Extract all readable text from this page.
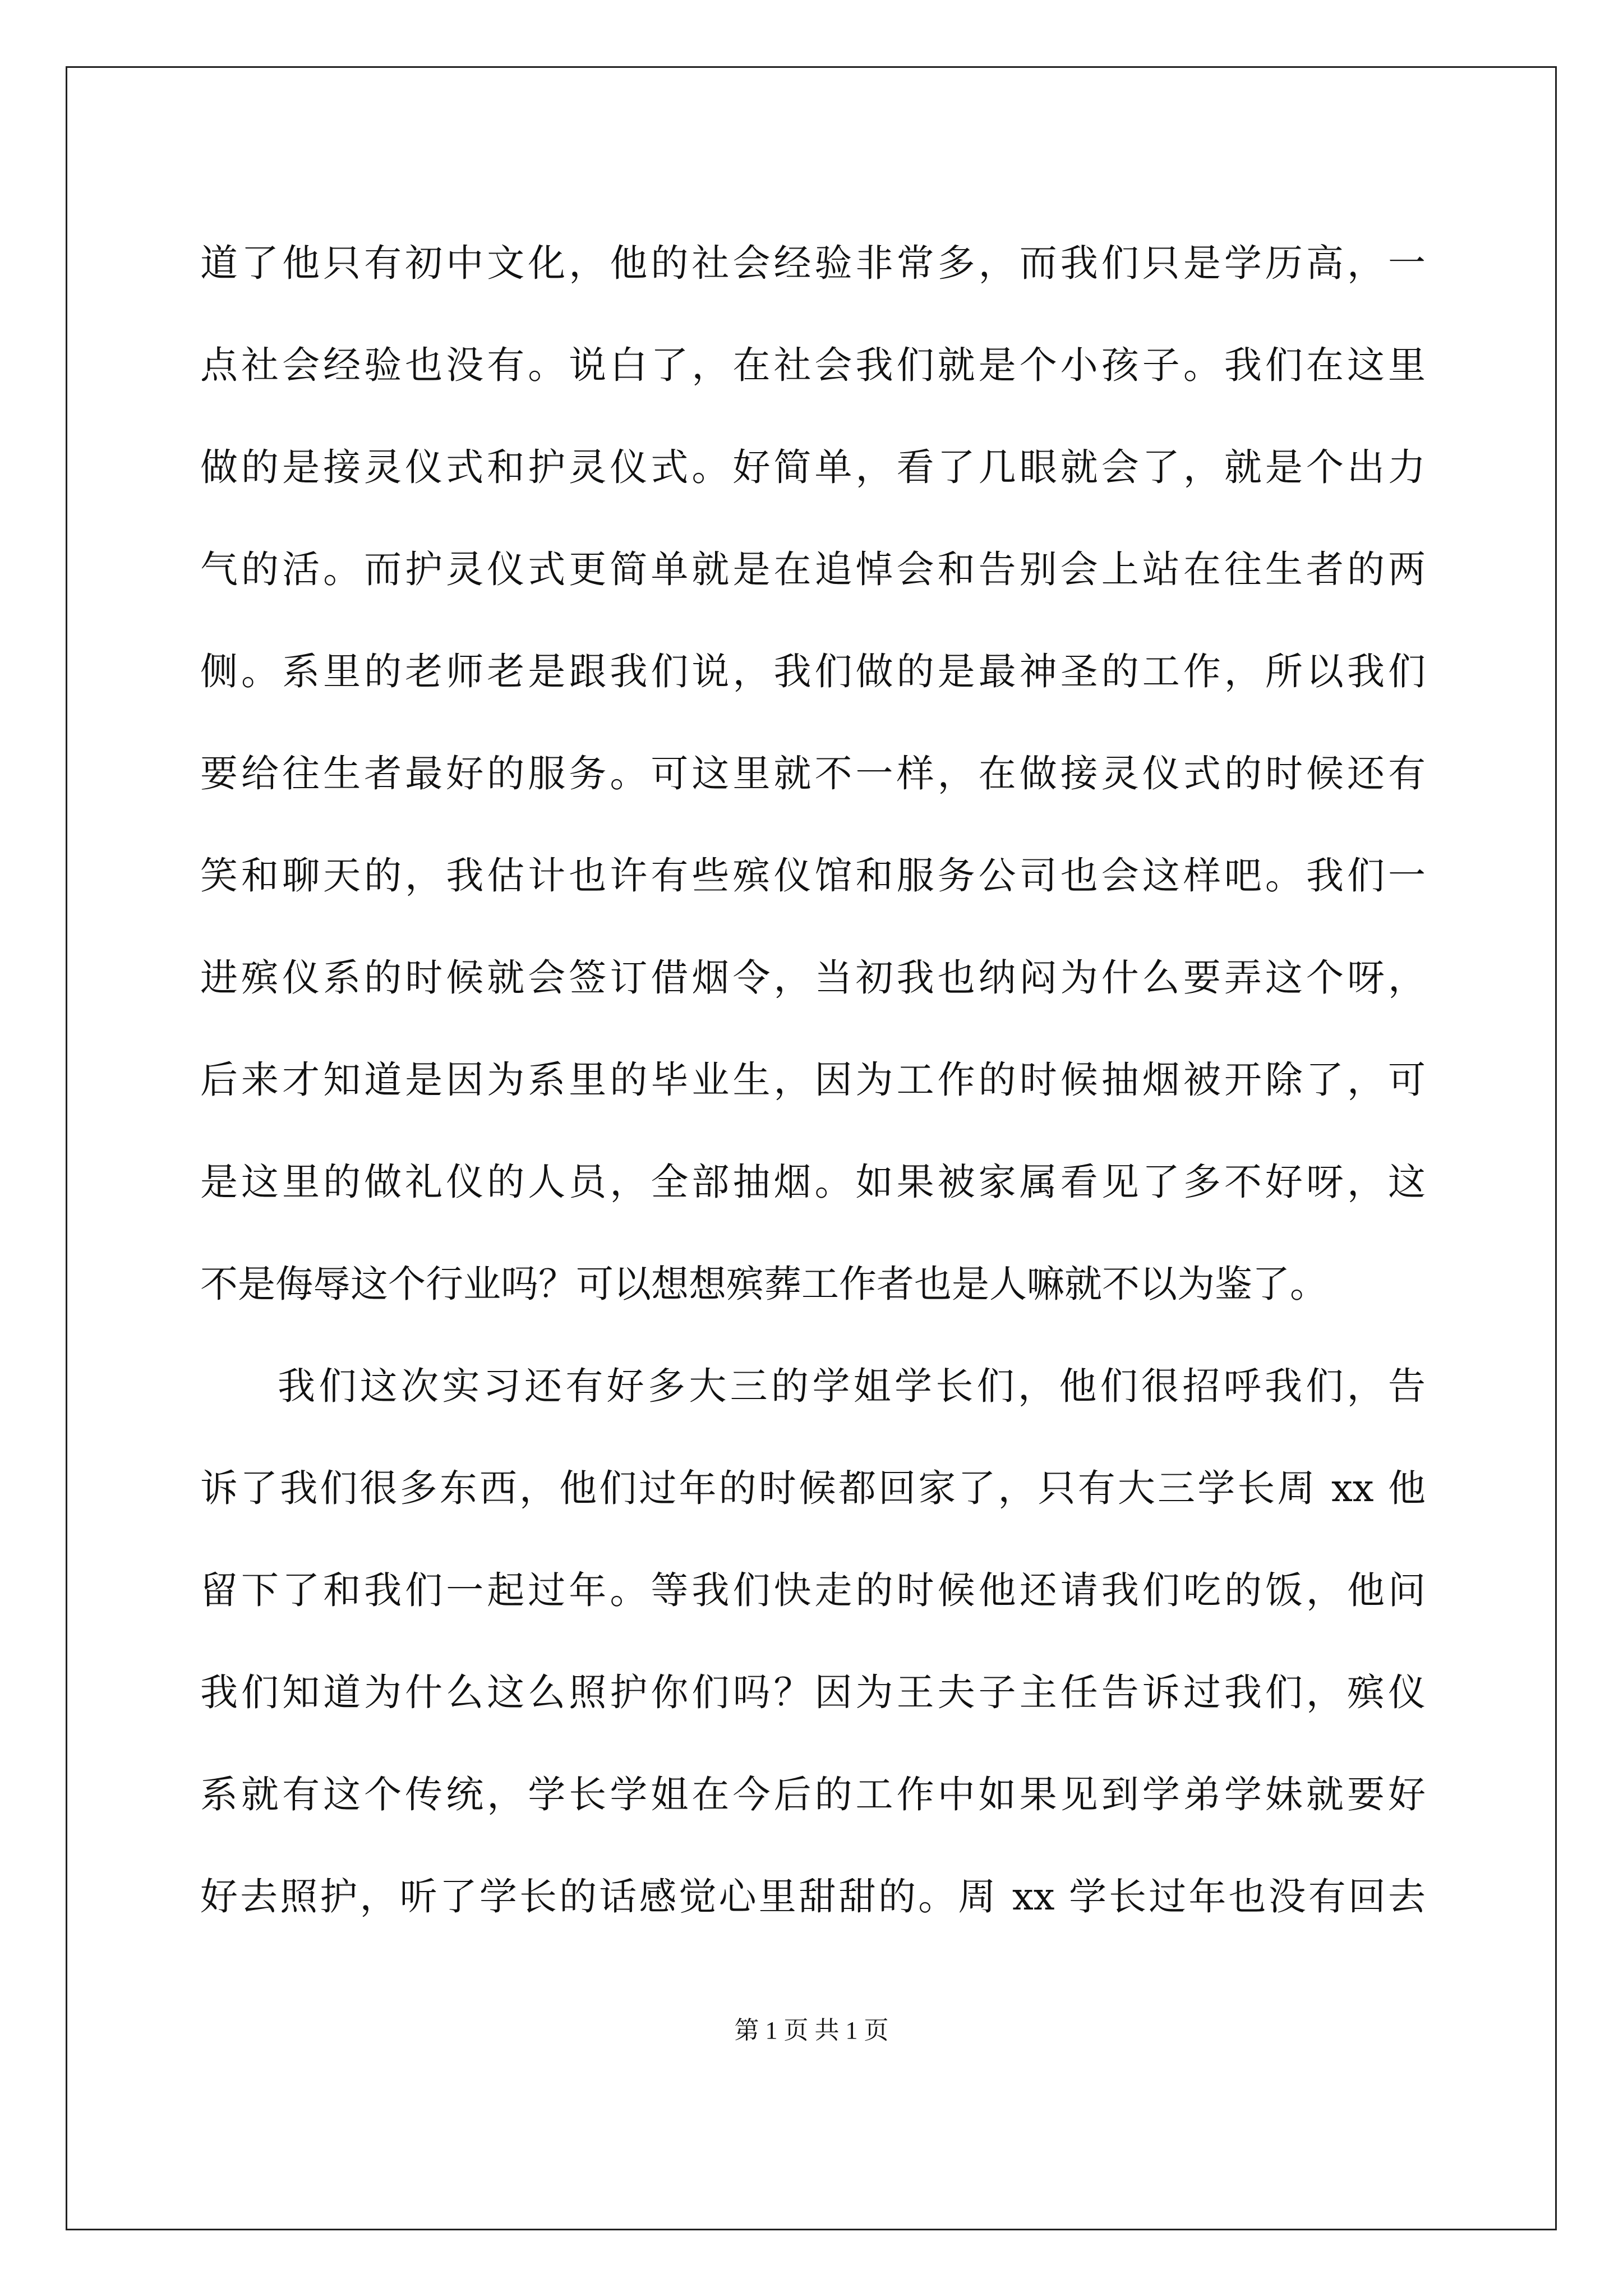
道了他只有初中文化，他的社会经验非常多，而我们只是学历高，一
点社会经验也没有。说白了，在社会我们就是个小孩子。我们在这里
做的是接灵仪式和护灵仪式。好简单，看了几眼就会了，就是个出力
气的活。而护灵仪式更简单就是在追悼会和告别会上站在往生者的两
侧。系里的老师老是跟我们说，我们做的是最神圣的工作，所以我们
要给往生者最好的服务。可这里就不一样，在做接灵仪式的时候还有
笑和聊天的，我估计也许有些殡仪馆和服务公司也会这样吧。我们一
进殡仪系的时候就会签订借烟令，当初我也纳闷为什么要弄这个呀，
后来才知道是因为系里的毕业生，因为工作的时候抽烟被开除了，可
是这里的做礼仪的人员，全部抽烟。如果被家属看见了多不好呀，这
不是侮辱这个行业吗？可以想想殡葬工作者也是人嘛就不以为鉴了。
我们这次实习还有好多大三的学姐学长们，他们很招呼我们，告
诉了我们很多东西，他们过年的时候都回家了，只有大三学长周 xx 他
留下了和我们一起过年。等我们快走的时候他还请我们吃的饭，他问
我们知道为什么这么照护你们吗？因为王夫子主任告诉过我们，殡仪
系就有这个传统，学长学姐在今后的工作中如果见到学弟学妹就要好
好去照护，听了学长的话感觉心里甜甜的。周 xx 学长过年也没有回去
第 1 页 共 1 页
